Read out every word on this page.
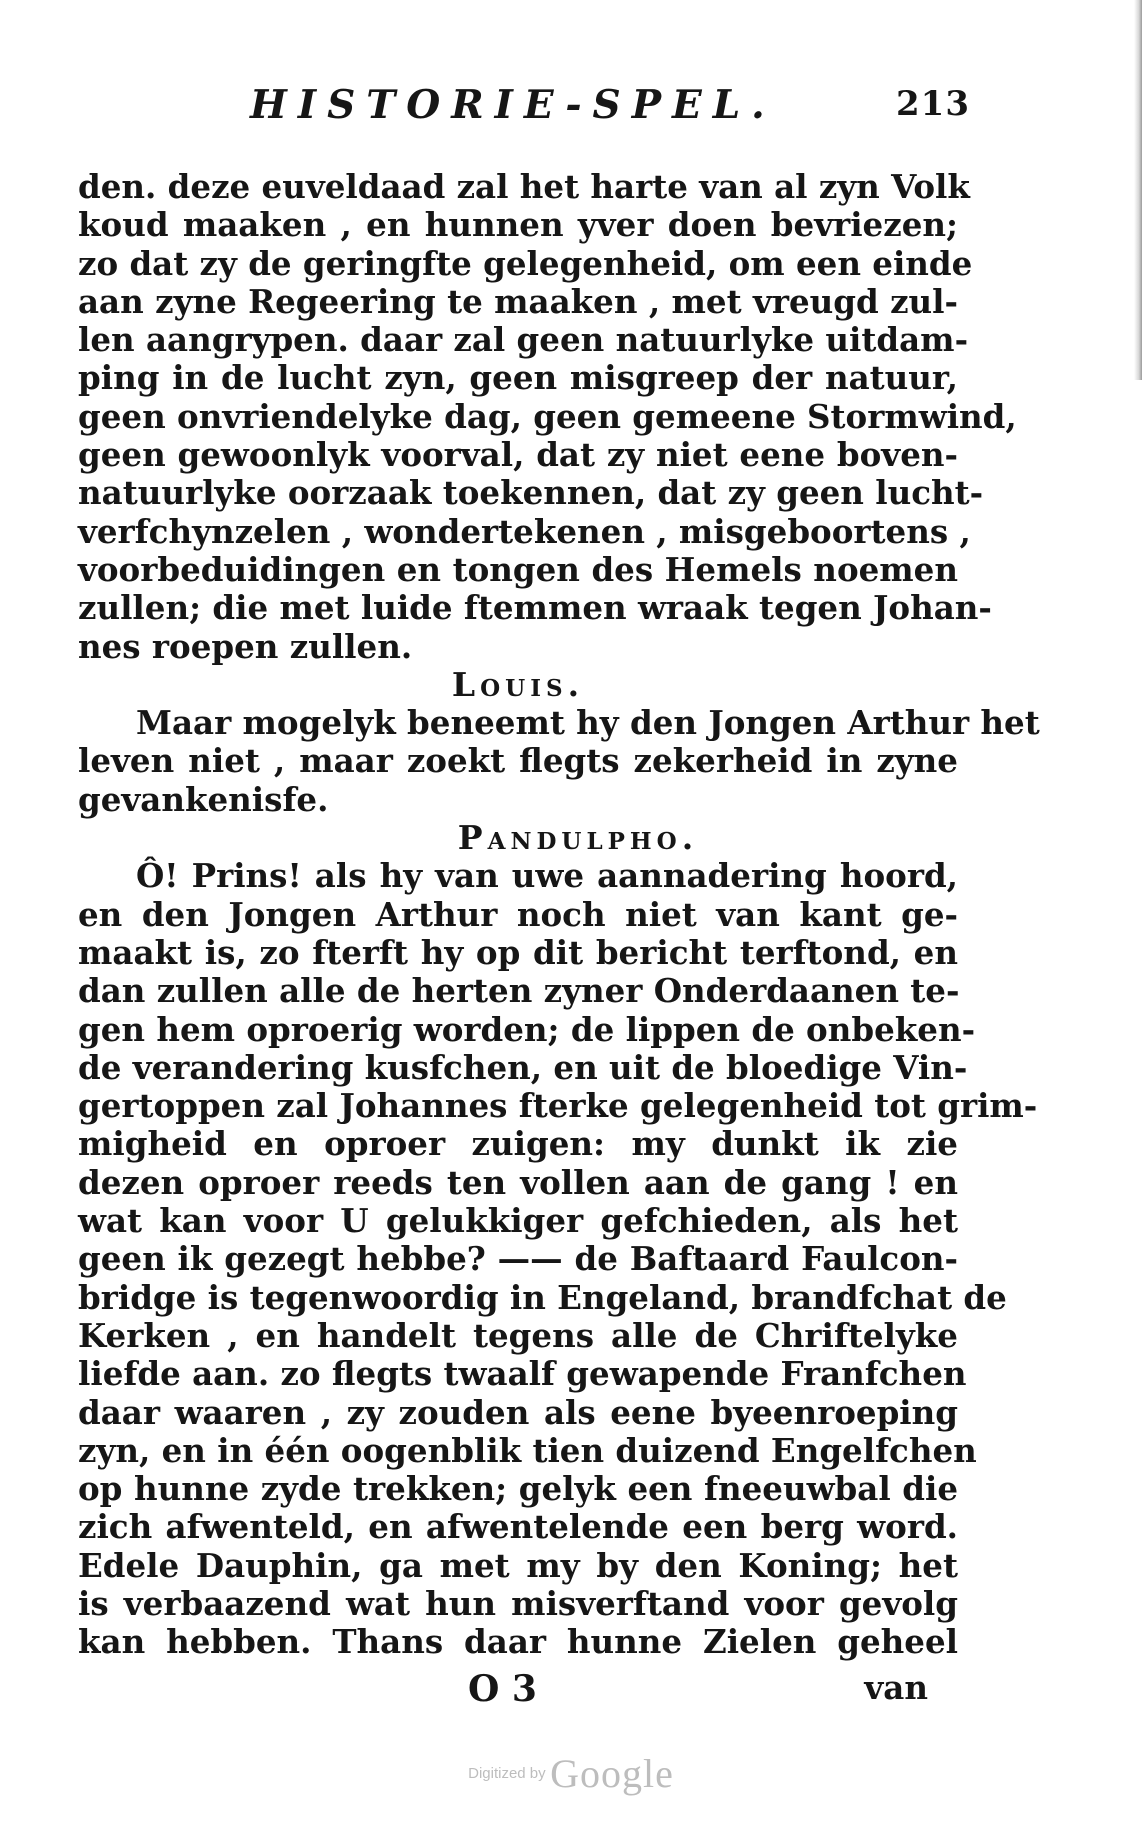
HISTORIE-SPEL.	213
den. deze euveldaad zal het harte van al zyn Volk
koud maaken , en hunnen yver doen bevriezen;
zo dat zy de geringfte gelegenheid, om een einde
aan zyne Regeering te maaken , met vreugd zul-
len aangrypen. daar zal geen natuurlyke uitdam-
ping in de lucht zyn, geen misgreep der natuur,
geen onvriendelyke dag, geen gemeene Stormwind,
geen gewoonlyk voorval, dat zy niet eene boven-
natuurlyke oorzaak toekennen, dat zy geen lucht-
verfchynzelen , wondertekenen , misgeboortens ,
voorbeduidingen en tongen des Hemels noemen
zullen; die met luide ftemmen wraak tegen Johan-
nes roepen zullen.
Louis.
Maar mogelyk beneemt hy den Jongen Arthur het
leven niet , maar zoekt flegts zekerheid in zyne
gevankenisfe.
Pandulpho.
Ô! Prins! als hy van uwe aannadering hoord,
en den Jongen Arthur noch niet van kant ge-
maakt is, zo fterft hy op dit bericht terftond, en
dan zullen alle de herten zyner Onderdaanen te-
gen hem oproerig worden; de lippen de onbeken-
de verandering kusfchen, en uit de bloedige Vin-
gertoppen zal Johannes fterke gelegenheid tot grim-
migheid en oproer zuigen: my dunkt ik zie
dezen oproer reeds ten vollen aan de gang ! en
wat kan voor U gelukkiger gefchieden, als het
geen ik gezegt hebbe? —— de Baftaard Faulcon-
bridge is tegenwoordig in Engeland, brandfchat de
Kerken , en handelt tegens alle de Chriftelyke
liefde aan. zo flegts twaalf gewapende Franfchen
daar waaren , zy zouden als eene byeenroeping
zyn, en in één oogenblik tien duizend Engelfchen
op hunne zyde trekken; gelyk een fneeuwbal die
zich afwenteld, en afwentelende een berg word.
Edele Dauphin, ga met my by den Koning; het
is verbaazend wat hun misverftand voor gevolg
kan hebben. Thans daar hunne Zielen geheel
O 3	van
Digitized by Google
